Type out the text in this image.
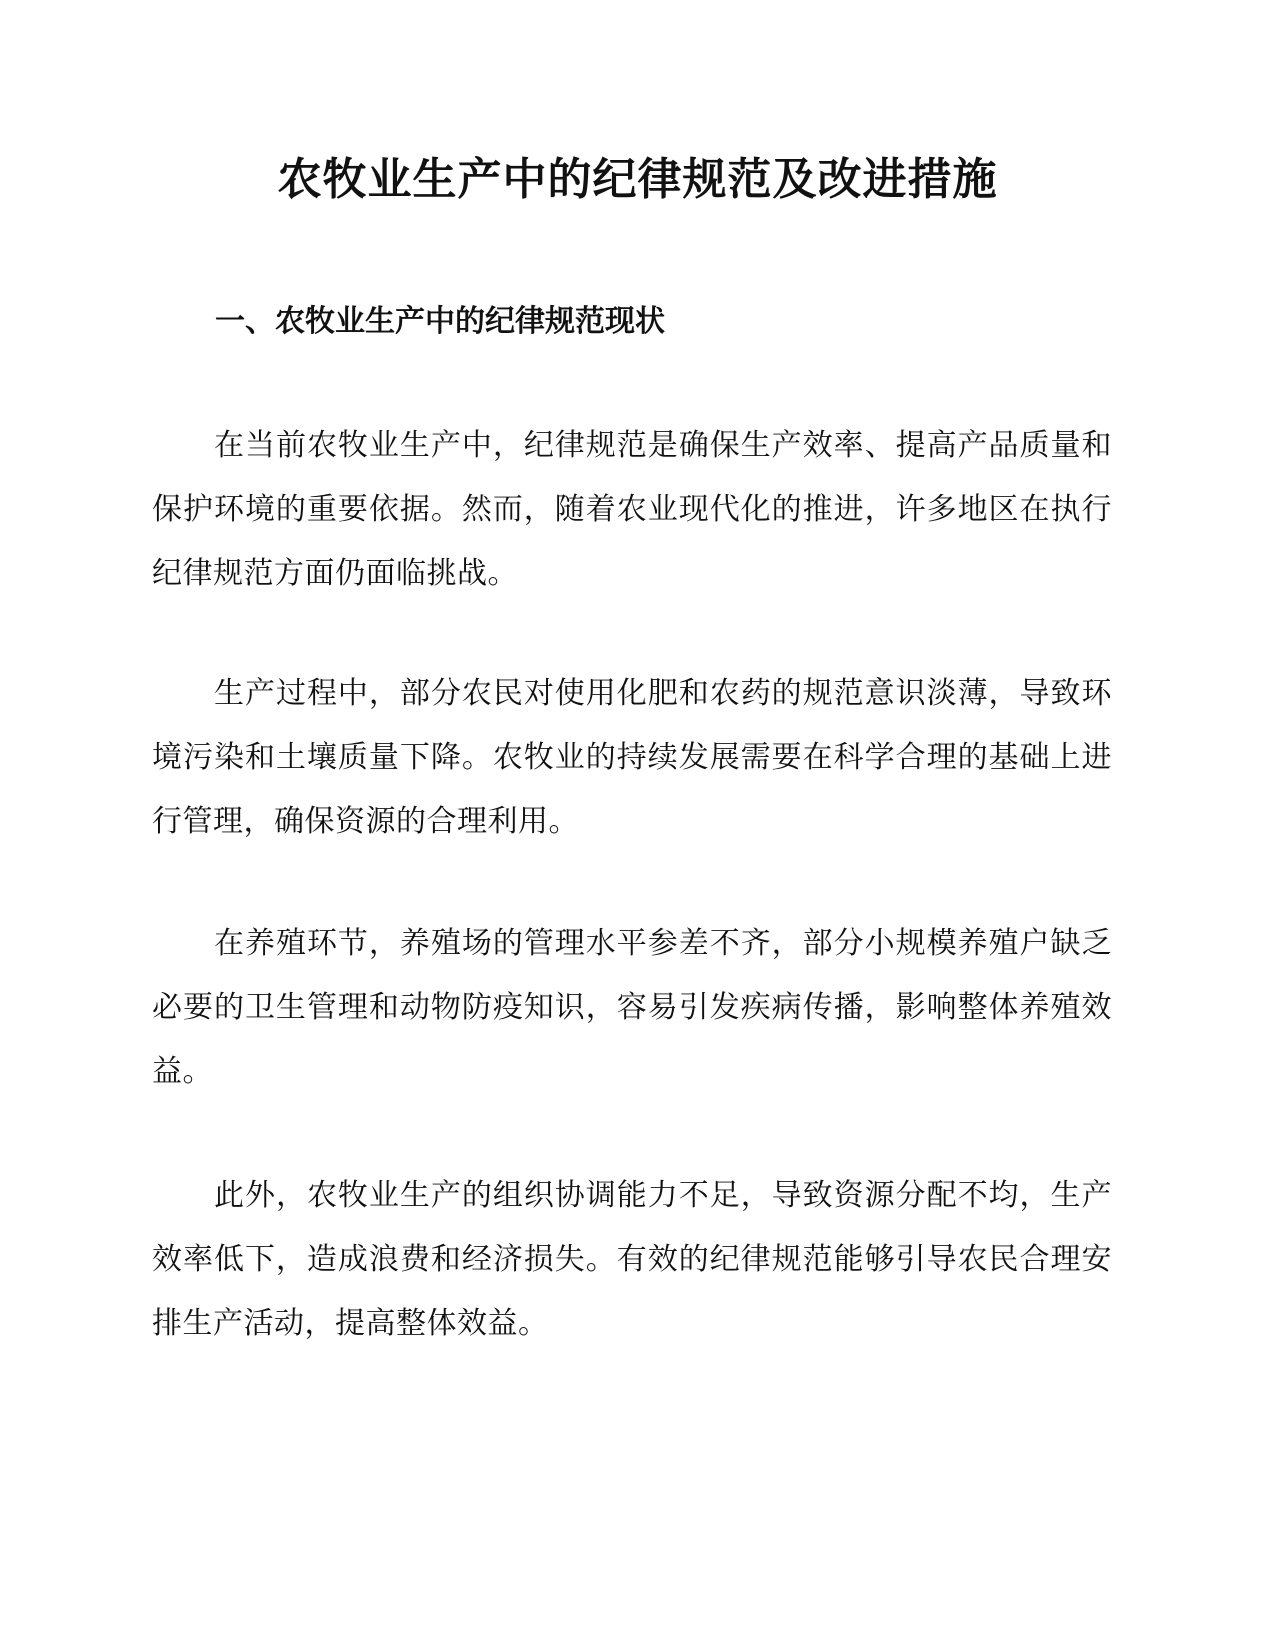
农牧业生产中的纪律规范及改进措施
一、农牧业生产中的纪律规范现状

在当前农牧业生产中，纪律规范是确保生产效率、提高产品质量和保护环境的重要依据。然而，随着农业现代化的推进，许多地区在执行纪律规范方面仍面临挑战。

生产过程中，部分农民对使用化肥和农药的规范意识淡薄，导致环境污染和土壤质量下降。农牧业的持续发展需要在科学合理的基础上进行管理，确保资源的合理利用。

在养殖环节，养殖场的管理水平参差不齐，部分小规模养殖户缺乏必要的卫生管理和动物防疫知识，容易引发疾病传播，影响整体养殖效益。

此外，农牧业生产的组织协调能力不足，导致资源分配不均，生产效率低下，造成浪费和经济损失。有效的纪律规范能够引导农民合理安排生产活动，提高整体效益。
